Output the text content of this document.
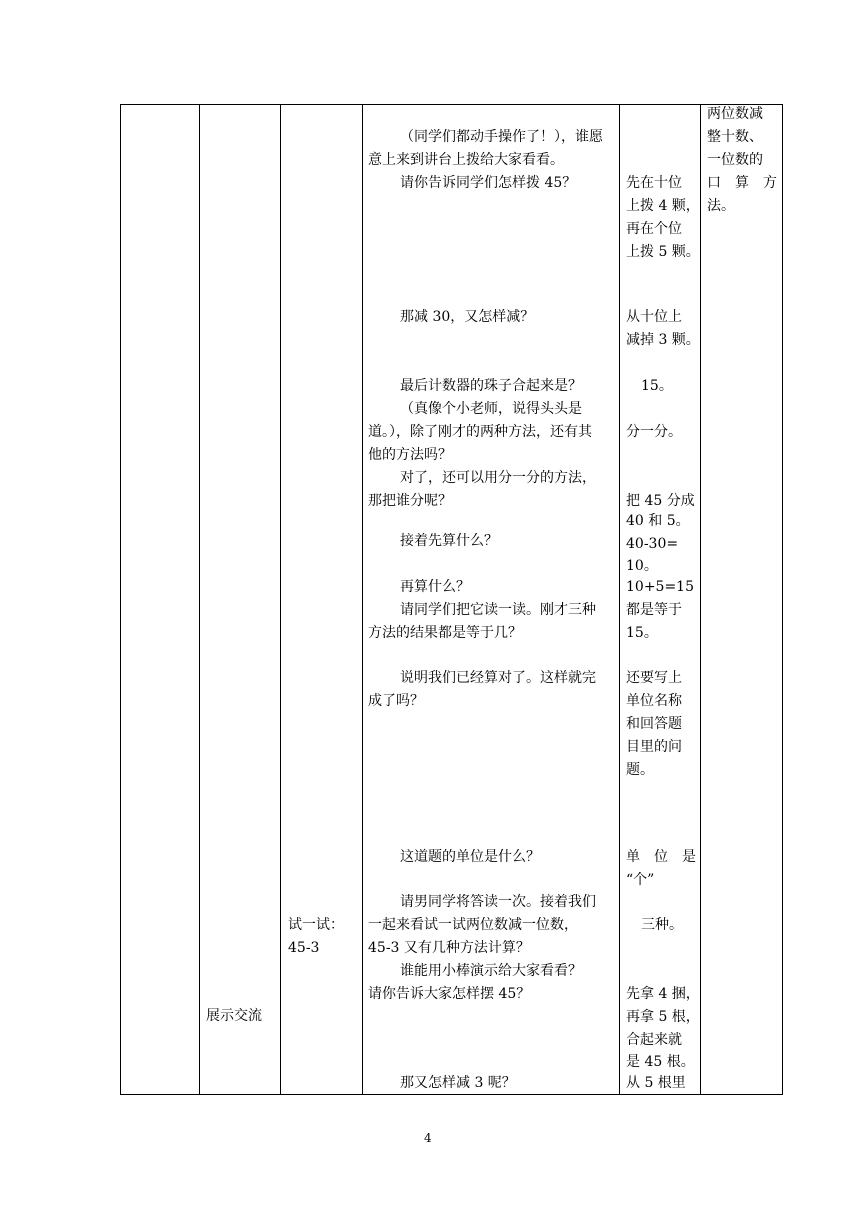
两位数减
整十数、
一位数的
口　算　方
法。
展示交流
试一试：
45-3
（同学们都动手操作了！），谁愿
意上来到讲台上拨给大家看看。
请你告诉同学们怎样拨 45？
那减 30，又怎样减？
最后计数器的珠子合起来是？
（真像个小老师，说得头头是
道。），除了刚才的两种方法，还有其
他的方法吗？
对了，还可以用分一分的方法，
那把谁分呢？
接着先算什么？
再算什么？
请同学们把它读一读。刚才三种
方法的结果都是等于几？
说明我们已经算对了。这样就完
成了吗？
这道题的单位是什么？
请男同学将答读一次。接着我们
一起来看试一试两位数减一位数，
45-3 又有几种方法计算？
谁能用小棒演示给大家看看？
请你告诉大家怎样摆 45？
那又怎样减 3 呢？
先在十位
上拨 4 颗，
再在个位
上拨 5 颗。
从十位上
减掉 3 颗。
15。
分一分。
把 45 分成
40 和 5。
40-30=
10。
10+5=15
都是等于
15。
还要写上
单位名称
和回答题
目里的问
题。
单　位　是
“个”
三种。
先拿 4 捆，
再拿 5 根，
合起来就
是 45 根。
从 5 根里
4
